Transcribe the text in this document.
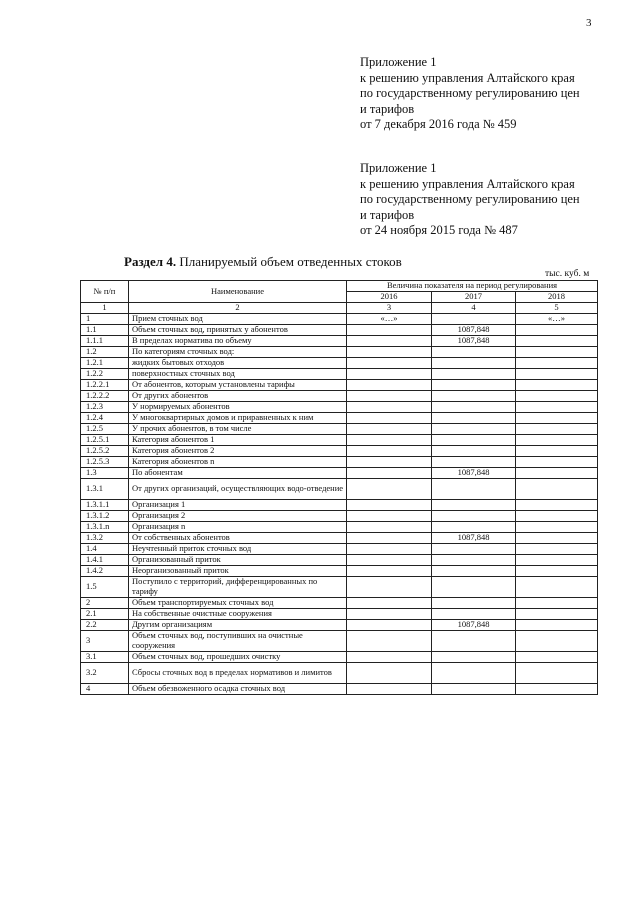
3
Приложение 1
к решению управления Алтайского края
по государственному регулированию цен
и тарифов
от 7 декабря 2016 года № 459
Приложение 1
к решению управления Алтайского края
по государственному регулированию цен
и тарифов
от 24 ноября 2015 года № 487
Раздел 4. Планируемый объем отведенных стоков
тыс. куб. м
№ п/п	Наименование	Величина показателя на период регулирования		
		2016	2017	2018
1	2	3	4	5
1	Прием сточных вод	«…»		«…»
1.1	Объем сточных вод, принятых у абонентов		1087,848	
1.1.1	В пределах норматива по объему		1087,848	
1.2	По категориям сточных вод:			
1.2.1	жидких бытовых отходов			
1.2.2	поверхностных сточных вод			
1.2.2.1	От абонентов, которым установлены тарифы			
1.2.2.2	От других абонентов			
1.2.3	У нормируемых абонентов			
1.2.4	У многоквартирных домов и приравненных к ним			
1.2.5	У прочих абонентов, в том числе			
1.2.5.1	Категория абонентов 1			
1.2.5.2	Категория абонентов 2			
1.2.5.3	Категория абонентов n			
1.3	По абонентам		1087,848	
1.3.1	От других организаций, осуществляющих водо-отведение			
1.3.1.1	Организация 1			
1.3.1.2	Организация 2			
1.3.1.n	Организация n			
1.3.2	От собственных абонентов		1087,848	
1.4	Неучтенный приток сточных вод			
1.4.1	Организованный приток			
1.4.2	Неорганизованный приток			
1.5	Поступило с территорий, дифференцированных по тарифу			
2	Объем транспортируемых сточных вод			
2.1	На собственные очистные сооружения			
2.2	Другим организациям		1087,848	
3	Объем сточных вод, поступивших на очистные сооружения			
3.1	Объем сточных вод, прошедших очистку			
3.2	Сбросы сточных вод в пределах нормативов и лимитов			
4	Объем обезвоженного осадка сточных вод			
